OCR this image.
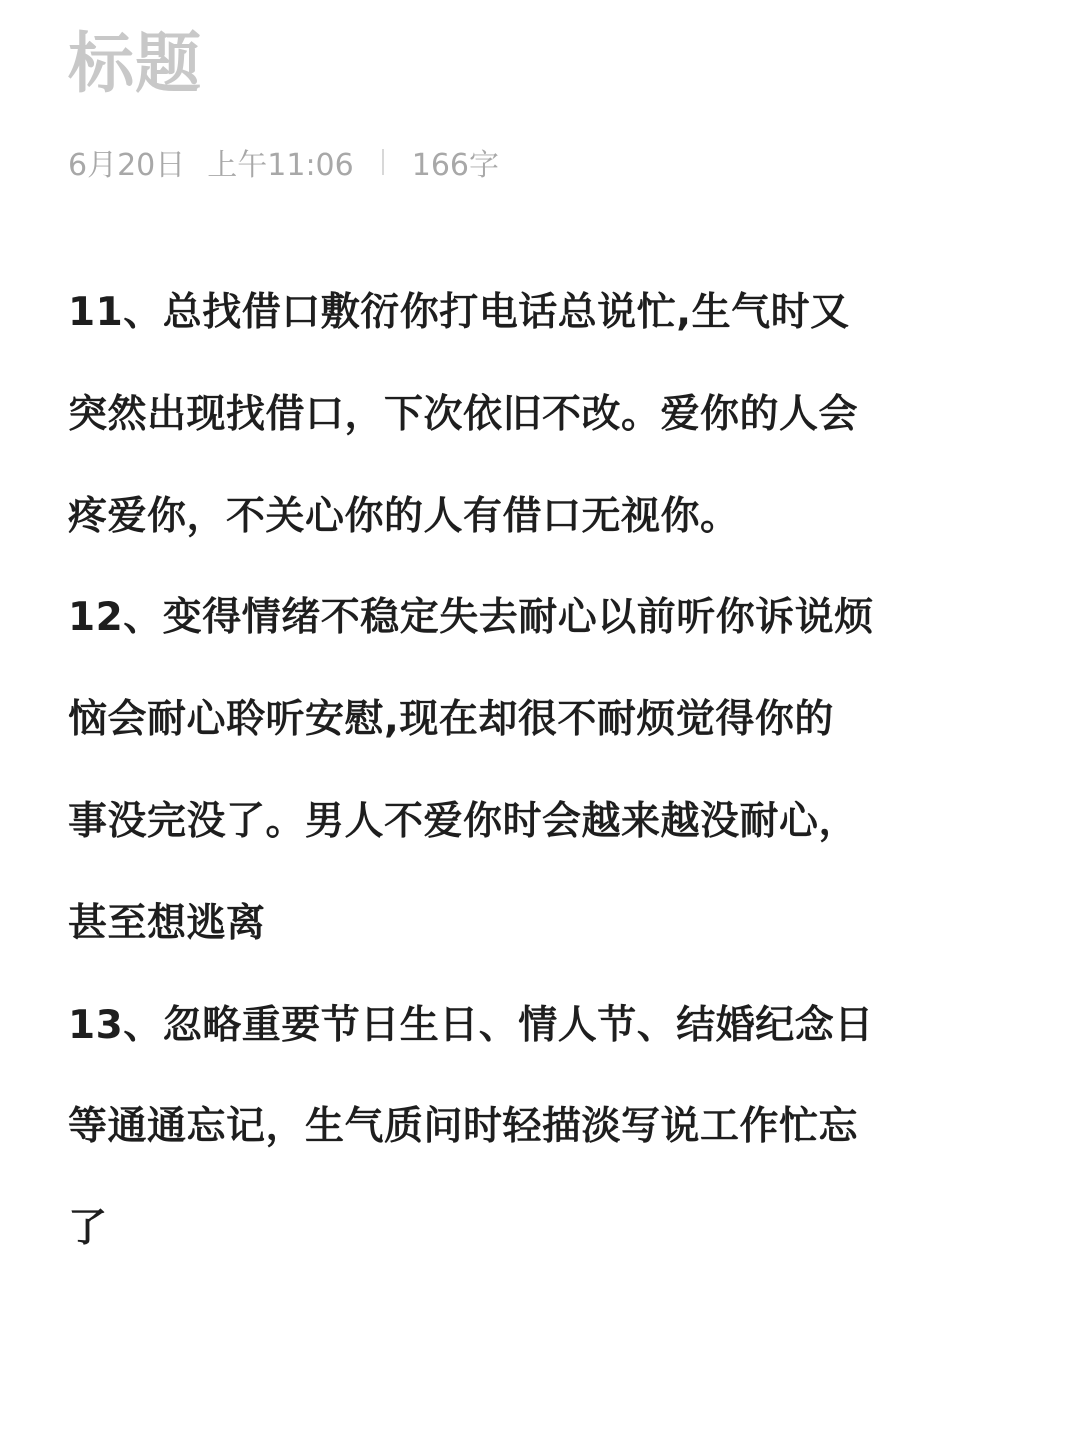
标题
6月20日 上午11:06 166字
11、总找借口敷衍你打电话总说忙,生气时又
突然出现找借口，下次依旧不改。爱你的人会
疼爱你，不关心你的人有借口无视你。
12、变得情绪不稳定失去耐心以前听你诉说烦
恼会耐心聆听安慰,现在却很不耐烦觉得你的
事没完没了。男人不爱你时会越来越没耐心，
甚至想逃离
13、忽略重要节日生日、情人节、结婚纪念日
等通通忘记，生气质问时轻描淡写说工作忙忘
了
